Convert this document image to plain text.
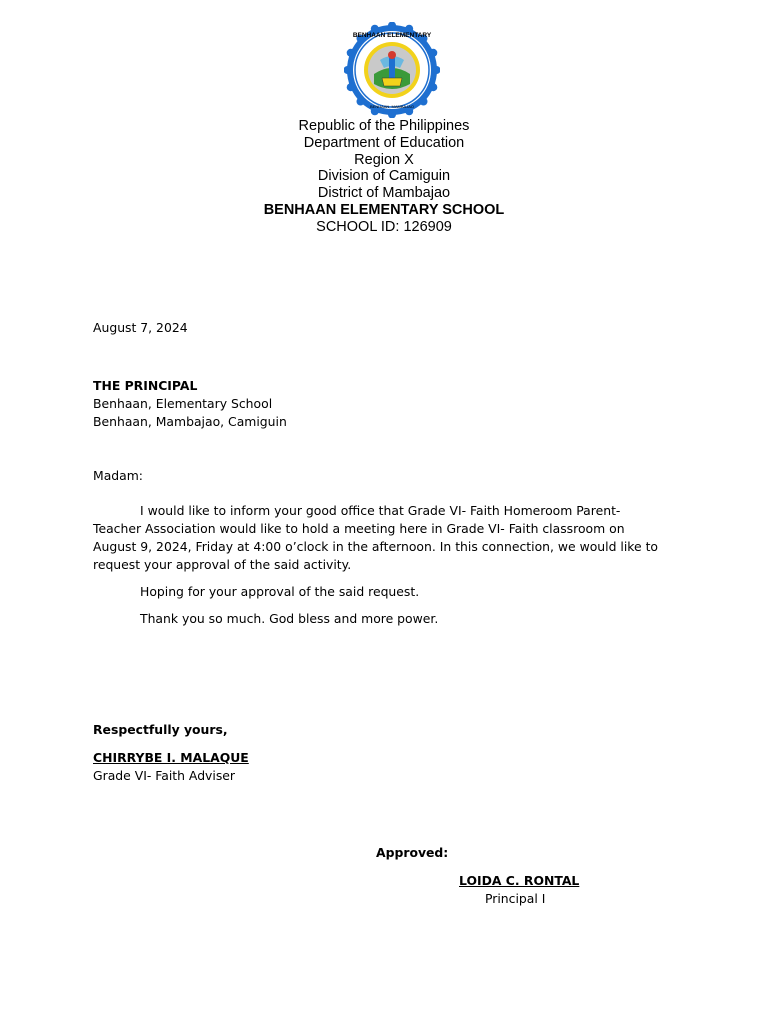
BENHAAN ELEMENTARY
BENHAAN, MAMBAJAO
Republic of the Philippines
Department of Education
Region X
Division of Camiguin
District of Mambajao
BENHAAN ELEMENTARY SCHOOL
SCHOOL ID: 126909
August 7, 2024
THE PRINCIPAL
Benhaan, Elementary School
Benhaan, Mambajao, Camiguin
Madam:
I would like to inform your good office that Grade VI- Faith Homeroom Parent-
Teacher Association would like to hold a meeting here in Grade VI- Faith classroom on
August 9, 2024, Friday at 4:00 o’clock in the afternoon. In this connection, we would like to
request your approval of the said activity.
Hoping for your approval of the said request.
Thank you so much. God bless and more power.
Respectfully yours,
CHIRRYBE I. MALAQUE
Grade VI- Faith Adviser
Approved:
LOIDA C. RONTAL
Principal I
